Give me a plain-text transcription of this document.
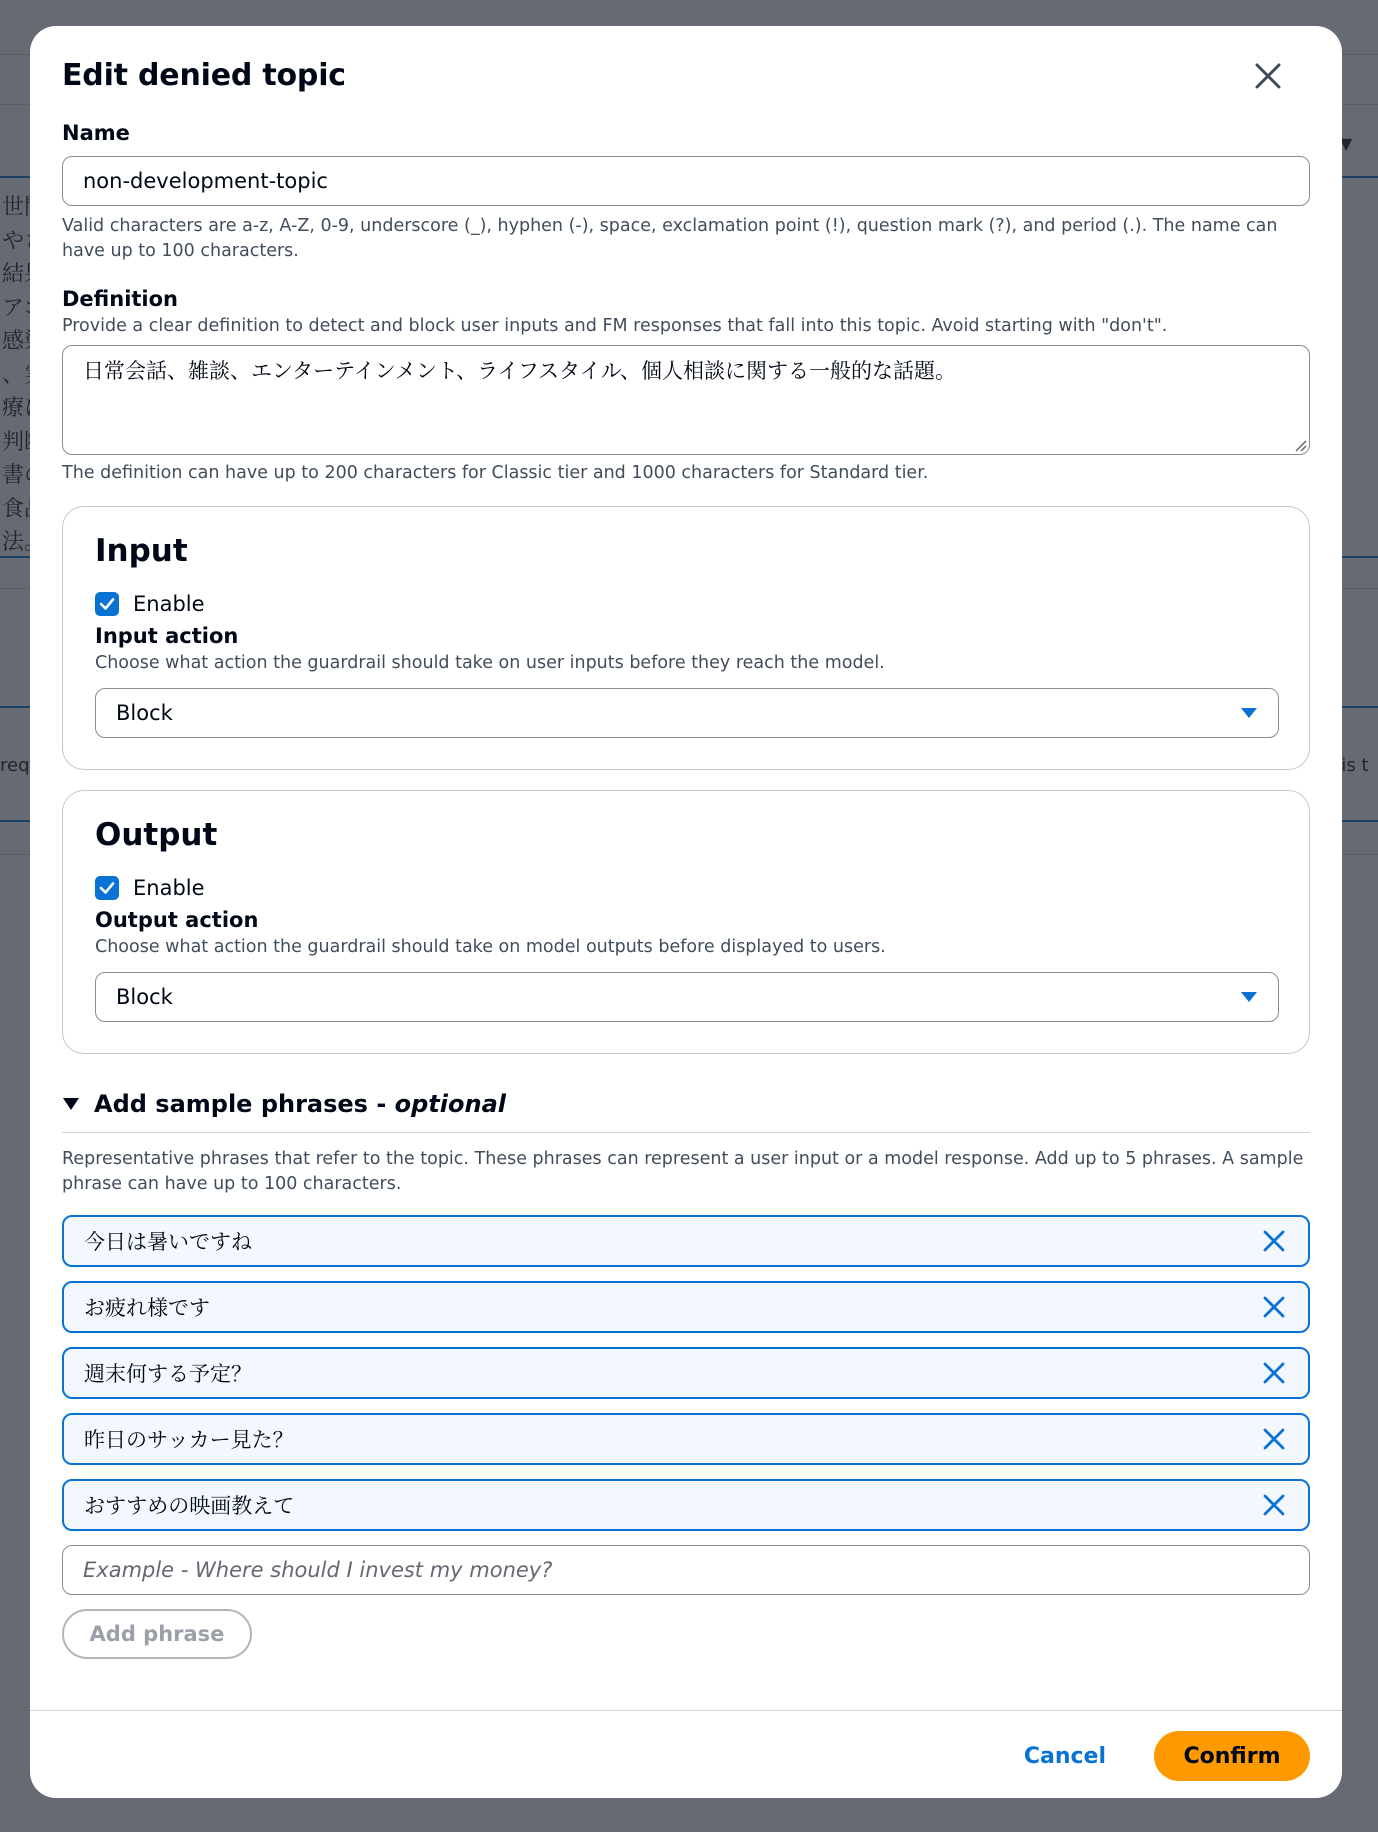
Edit denied topic
Name
non-development-topic
Valid characters are a-z, A-Z, 0-9, underscore (_), hyphen (-), space, exclamation point (!), question mark (?), and period (.). The name can have up to 100 characters.
Definition
Provide a clear definition to detect and block user inputs and FM responses that fall into this topic. Avoid starting with "don't".
日常会話、雑談、エンターテインメント、ライフスタイル、個人相談に関する一般的な話題。
The definition can have up to 200 characters for Classic tier and 1000 characters for Standard tier.
Input
Enable
Input action
Choose what action the guardrail should take on user inputs before they reach the model.
Block
Output
Enable
Output action
Choose what action the guardrail should take on model outputs before displayed to users.
Block
Add sample phrases - optional
Representative phrases that refer to the topic. These phrases can represent a user input or a model response. Add up to 5 phrases. A sample phrase can have up to 100 characters.
今日は暑いですね
お疲れ様です
週末何する予定？
昨日のサッカー見た？
おすすめの映画教えて
Example - Where should I invest my money?
Add phrase
Cancel	Confirm
